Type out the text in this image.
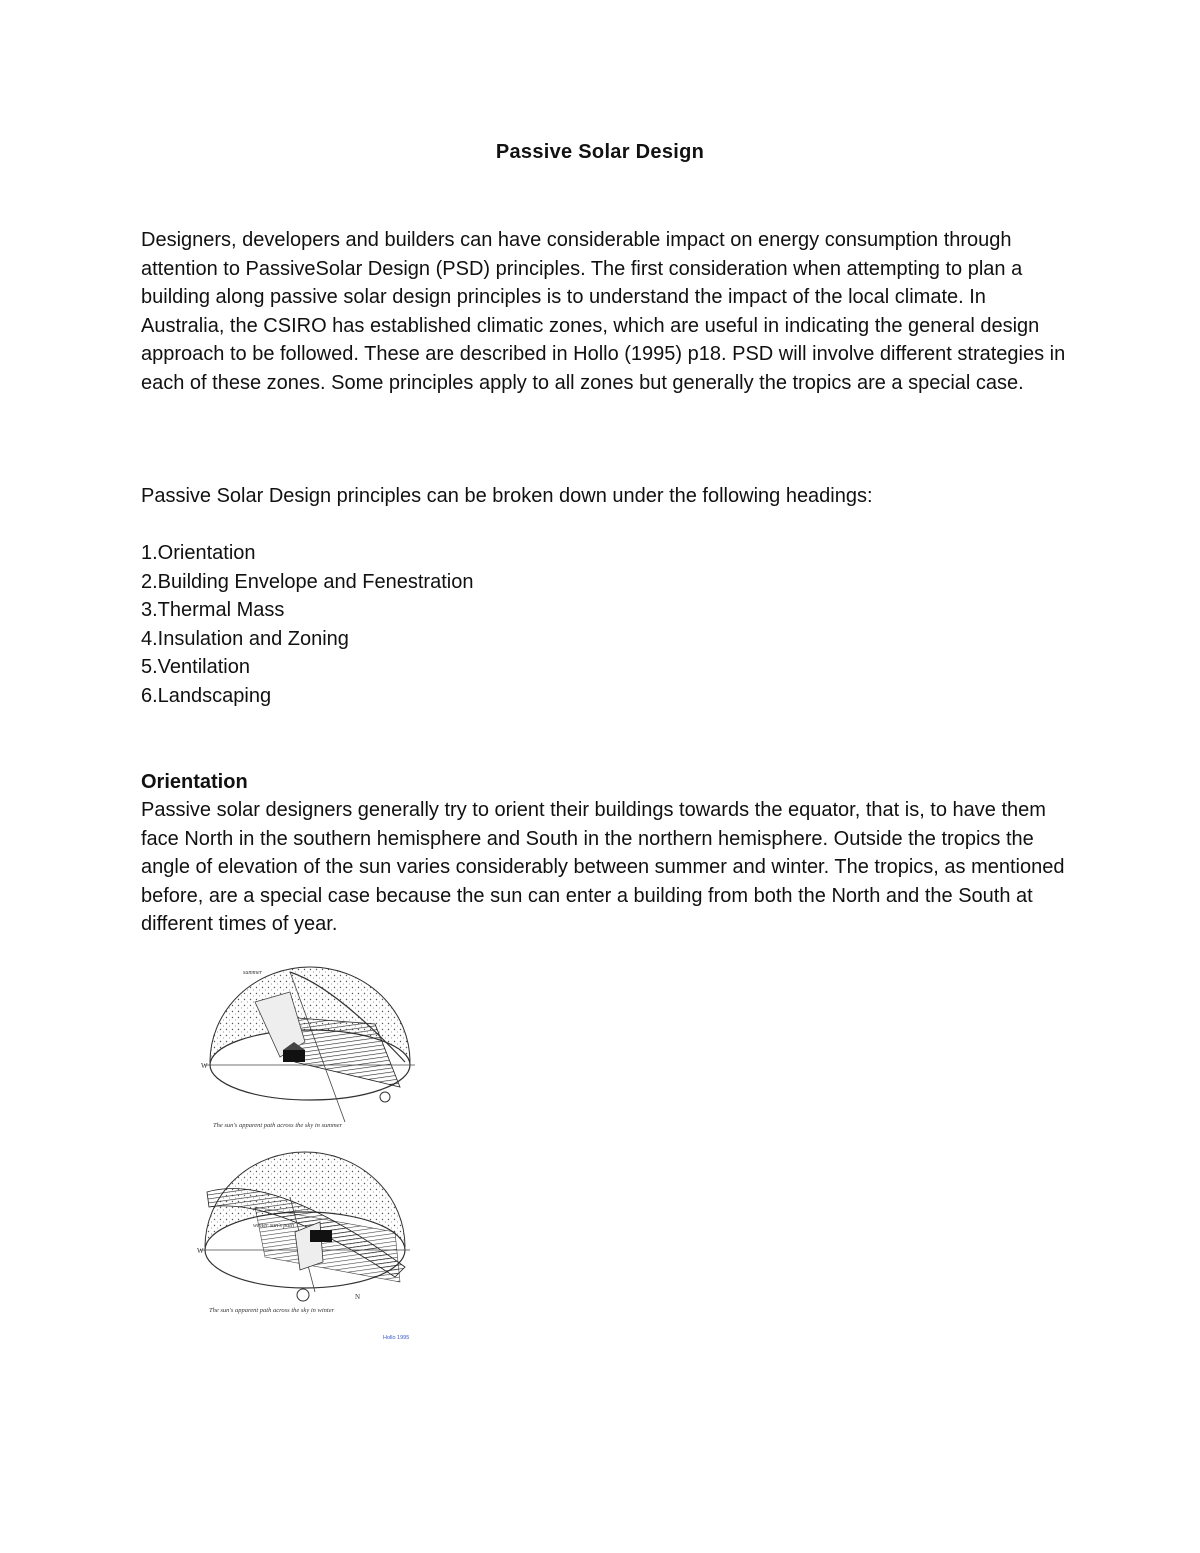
Passive Solar Design

Designers, developers and builders can have considerable impact on energy consumption through attention to PassiveSolar Design (PSD) principles. The first consideration when attempting to plan a building along passive solar design principles is to understand the impact of the local climate. In Australia, the CSIRO has established climatic zones, which are useful in indicating the general design approach to be followed. These are described in Hollo (1995) p18. PSD will involve different strategies in each of these zones. Some principles apply to all zones but generally the tropics are a special case.

Passive Solar Design principles can be broken down under the following headings:

1.Orientation
2.Building Envelope and Fenestration
3.Thermal Mass
4.Insulation and Zoning
5.Ventilation
6.Landscaping
Orientation

Passive solar designers generally try to orient their buildings towards the equator, that is, to have them face North in the southern hemisphere and South in the northern hemisphere. Outside the tropics the angle of elevation of the sun varies considerably between summer and winter. The tropics, as mentioned before, are a special case because the sun can enter a building from both the North and the South at different times of year.

summer
W
The sun's apparent path across the sky in summer
winter sun's path
W
N
The sun's apparent path across the sky in winter
Hollo 1995
